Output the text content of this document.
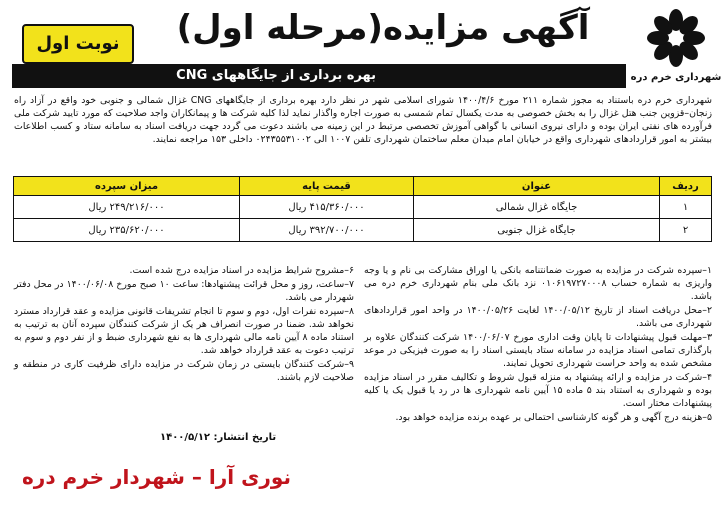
شهرداری خرم دره
آگهی مزایده(مرحله اول)
نوبت اول
بهره برداری از جایگاههای CNG
شهرداری خرم دره باستناد به مجوز شماره ۲۱۱ مورخ ۱۴۰۰/۴/۶ شورای اسلامی شهر در نظر دارد بهره برداری از جایگاههای CNG غزال شمالی و جنوبی خود واقع در آزاد راه زنجان–قزوین جنب هتل غزال را به بخش خصوصی به مدت یکسال تمام شمسی به صورت اجاره واگذار نماید لذا کلیه شرکت ها و پیمانکاران واجد صلاحیت که مورد تایید شرکت ملی فرآورده های نفتی ایران بوده و دارای نیروی انسانی با گواهی آموزش تخصصی مرتبط در این زمینه می باشند دعوت می گردد جهت دریافت اسناد به سامانه ستاد و کسب اطلاعات بیشتر به امور قراردادهای شهرداری واقع در خیابان امام میدان معلم ساختمان شهرداری تلفن ۱۰۰۷ الی ۰۲۴۳۵۵۳۱۰۰۲ داخلی ۱۵۳ مراجعه نمایند.
ردیف	عنوان	قیمت پایه	میزان سپرده
۱	جایگاه غزال شمالی	۴۱۵/۳۶۰/۰۰۰ ریال	۲۴۹/۲۱۶/۰۰۰ ریال
۲	جایگاه غزال جنوبی	۳۹۲/۷۰۰/۰۰۰ ریال	۲۳۵/۶۲۰/۰۰۰ ریال

۱–سپرده شرکت در مزایده به صورت ضمانتنامه بانکی یا اوراق مشارکت بی نام و یا وجه واریزی به شماره حساب ۰۱۰۶۱۹۷۲۷۰۰۰۸ نزد بانک ملی بنام شهرداری خرم دره می باشد.

۲–محل دریافت اسناد از تاریخ ۱۴۰۰/۰۵/۱۲ لغایت ۱۴۰۰/۰۵/۲۶ در واحد امور قراردادهای شهرداری می باشد.

۳–مهلت قبول پیشنهادات تا پایان وقت اداری مورخ ۱۴۰۰/۰۶/۰۷ شرکت کنندگان علاوه بر بارگذاری تمامی اسناد مزایده در سامانه ستاد بایستی اسناد را به صورت فیزیکی در موعد مشخص شده به واحد حراست شهرداری تحویل نمایند.

۴–شرکت در مزایده و ارائه پیشنهاد به منزله قبول شروط و تکالیف مقرر در اسناد مزایده بوده و شهرداری به استناد بند ۵ ماده ۱۵ آیین نامه شهرداری ها در رد یا قبول یک یا کلیه پیشنهادات مختار است.

۵–هزینه درج آگهی و هر گونه کارشناسی احتمالی بر عهده برنده مزایده خواهد بود.

۶–مشروح شرایط مزایده در اسناد مزایده درج شده است.

۷–ساعت، روز و محل قرائت پیشنهادها: ساعت ۱۰ صبح مورخ ۱۴۰۰/۰۶/۰۸ در محل دفتر شهردار می باشد.

۸–سپرده نفرات اول، دوم و سوم تا انجام تشریفات قانونی مزایده و عقد قرارداد مسترد نخواهد شد. ضمنا در صورت انصراف هر یک از شرکت کنندگان سپرده آنان به ترتیب به استناد ماده ۸ آیین نامه مالی شهرداری ها به نفع شهرداری ضبط و از نفر دوم و سوم به ترتیب دعوت به عقد قرارداد خواهد شد.

۹–شرکت کنندگان بایستی در زمان شرکت در مزایده دارای ظرفیت کاری در منطقه و صلاحیت لازم باشند.

تاریخ انتشار: ۱۴۰۰/۵/۱۲
نوری آرا – شهردار خرم دره
